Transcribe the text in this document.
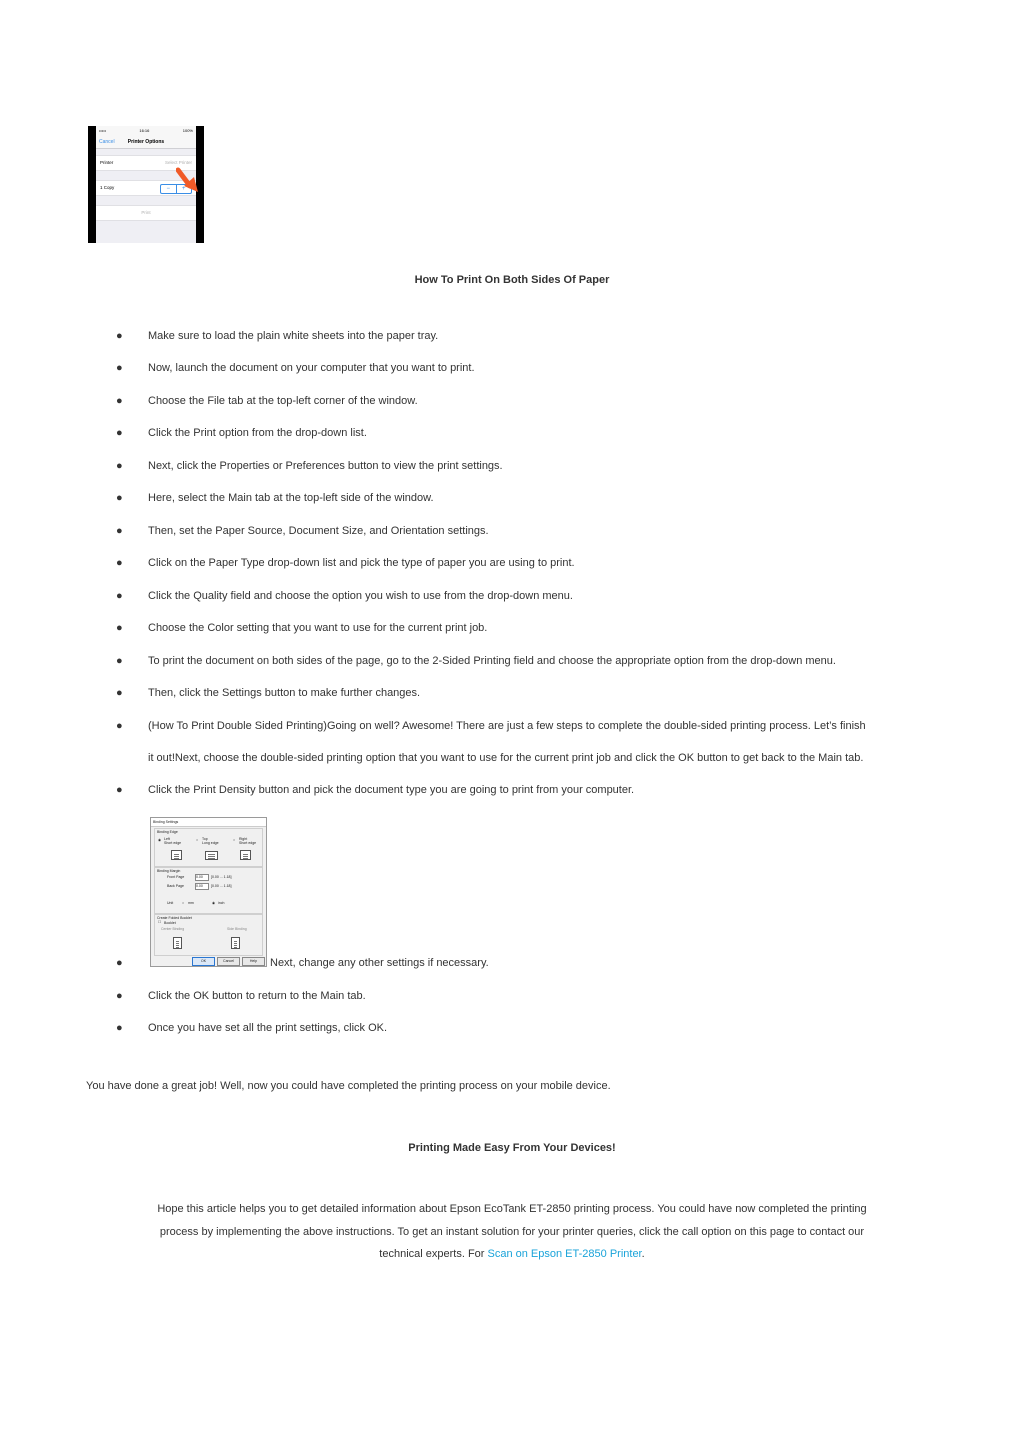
•••••	16:16	100%
Cancel	Printer Options
Printer	Select Printer
1 Copy	−	+
Print
How To Print On Both Sides Of Paper
● Make sure to load the plain white sheets into the paper tray.
● Now, launch the document on your computer that you want to print.
● Choose the File tab at the top-left corner of the window.
● Click the Print option from the drop-down list.
● Next, click the Properties or Preferences button to view the print settings.
● Here, select the Main tab at the top-left side of the window.
● Then, set the Paper Source, Document Size, and Orientation settings.
● Click on the Paper Type drop-down list and pick the type of paper you are using to print.
● Click the Quality field and choose the option you wish to use from the drop-down menu.
● Choose the Color setting that you want to use for the current print job.
● To print the document on both sides of the page, go to the 2-Sided Printing field and choose the appropriate option from the drop-down menu.
● Then, click the Settings button to make further changes.
● (How To Print Double Sided Printing)Going on well? Awesome! There are just a few steps to complete the double-sided printing process. Let’s finish
it out!Next, choose the double-sided printing option that you want to use for the current print job and click the OK button to get back to the Main tab.
● Click the Print Density button and pick the document type you are going to print from your computer.
Binding Settings
Binding Edge
◉ Left
Short edge
○ Top
Long edge
○ Right
Short edge
Binding Margin
Front Page	0.00	[0.00 ... 1.18]
Back Page	0.00	[0.00 ... 1.18]
Unit	○ mm	◉ inch
Create Folded Booklet
☐ Booklet
Center Binding	Side Binding
OK	Cancel	Help
●	Next, change any other settings if necessary.
● Click the OK button to return to the Main tab.
● Once you have set all the print settings, click OK.

You have done a great job! Well, now you could have completed the printing process on your mobile device.

Printing Made Easy From Your Devices!
Hope this article helps you to get detailed information about Epson EcoTank ET-2850 printing process. You could have now completed the printing
process by implementing the above instructions. To get an instant solution for your printer queries, click the call option on this page to contact our
technical experts. For Scan on Epson ET-2850 Printer.
